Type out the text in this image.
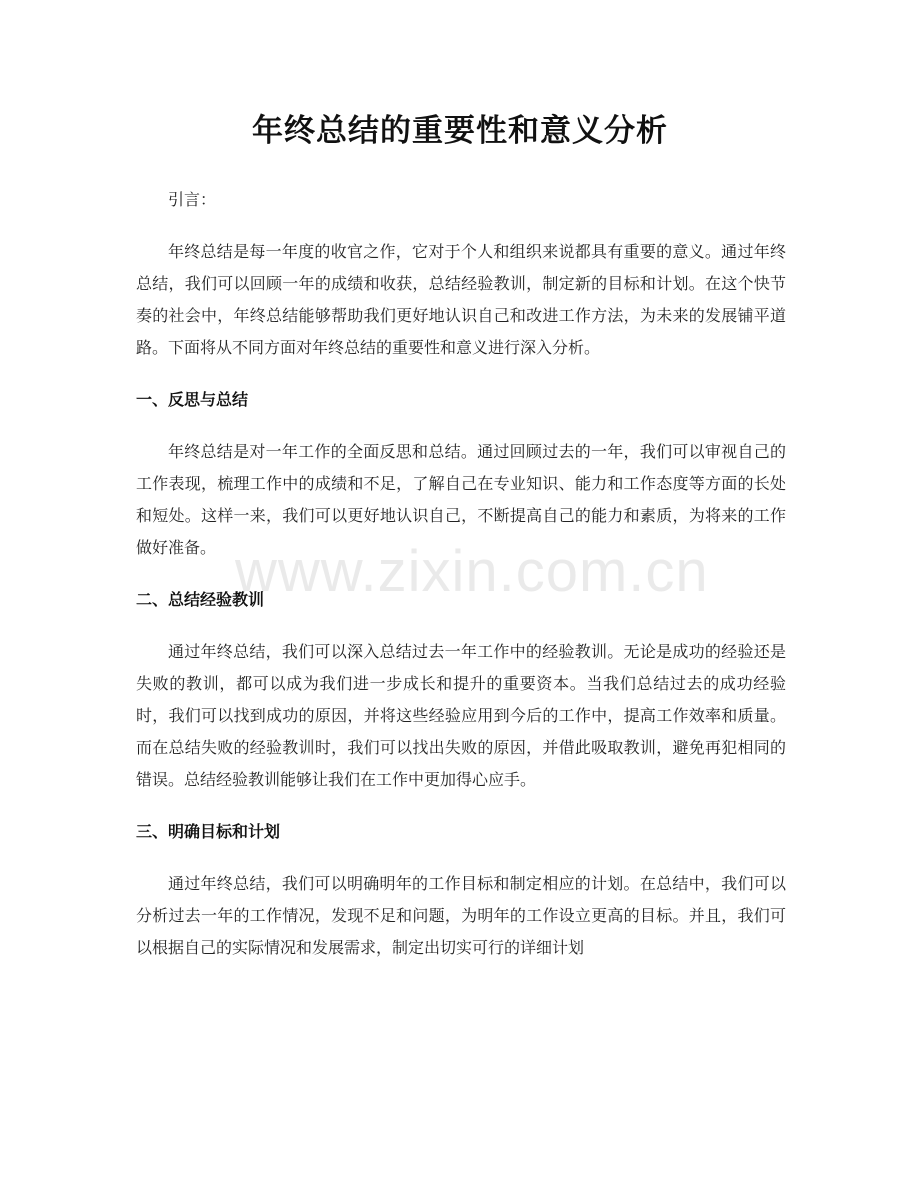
年终总结的重要性和意义分析

引言：

年终总结是每一年度的收官之作，它对于个人和组织来说都具有重要的意义。通过年终总结，我们可以回顾一年的成绩和收获，总结经验教训，制定新的目标和计划。在这个快节奏的社会中，年终总结能够帮助我们更好地认识自己和改进工作方法，为未来的发展铺平道路。下面将从不同方面对年终总结的重要性和意义进行深入分析。

一、反思与总结

年终总结是对一年工作的全面反思和总结。通过回顾过去的一年，我们可以审视自己的工作表现，梳理工作中的成绩和不足，了解自己在专业知识、能力和工作态度等方面的长处和短处。这样一来，我们可以更好地认识自己，不断提高自己的能力和素质，为将来的工作做好准备。

二、总结经验教训

通过年终总结，我们可以深入总结过去一年工作中的经验教训。无论是成功的经验还是失败的教训，都可以成为我们进一步成长和提升的重要资本。当我们总结过去的成功经验时，我们可以找到成功的原因，并将这些经验应用到今后的工作中，提高工作效率和质量。而在总结失败的经验教训时，我们可以找出失败的原因，并借此吸取教训，避免再犯相同的错误。总结经验教训能够让我们在工作中更加得心应手。

三、明确目标和计划

通过年终总结，我们可以明确明年的工作目标和制定相应的计划。在总结中，我们可以分析过去一年的工作情况，发现不足和问题，为明年的工作设立更高的目标。并且，我们可以根据自己的实际情况和发展需求，制定出切实可行的详细计划

www.zixin.com.cn
